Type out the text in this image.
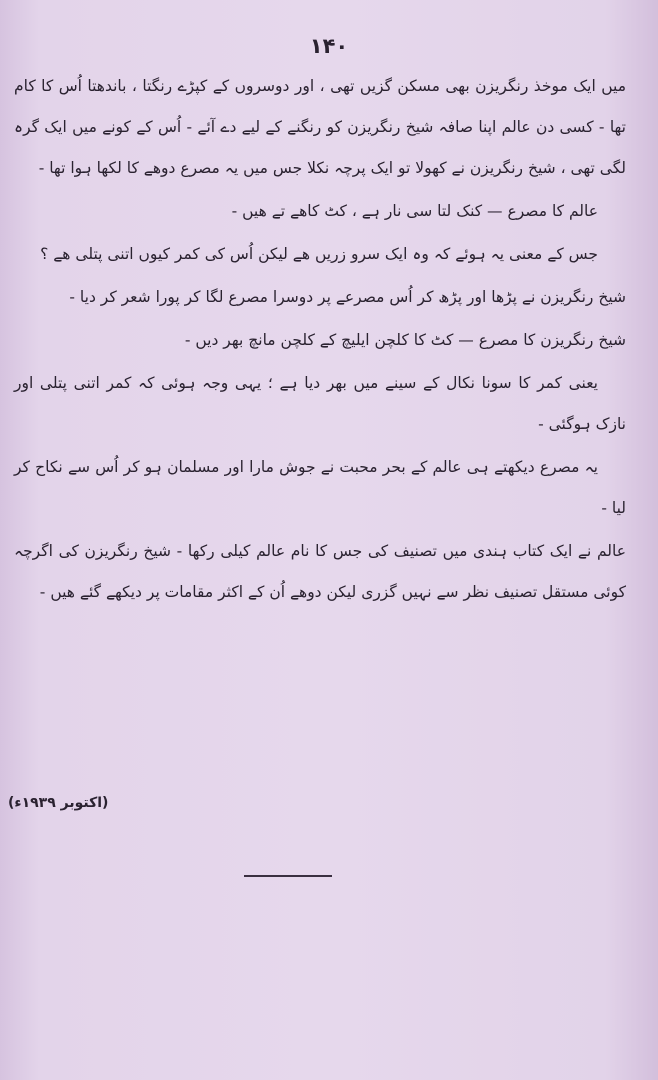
۱۴۰

میں ایک موخذ رنگریزن بھی مسکن گزیں تھی ، اور دوسروں کے کپڑے رنگتا ، باندھتا اُس کا کام تھا - کسی دن عالم اپنا صافہ شیخ رنگریزن کو رنگنے کے لیے دے آئے - اُس کے کونے میں ایک گرہ لگی تھی ، شیخ رنگریزن نے کھولا تو ایک پرچہ نکلا جس میں یہ مصرع دوھے کا لکھا ہوا تھا -

عالم کا مصرع — کنک لتا سی نار ہے ، کٹ کاھے تے ھیں -

جس کے معنی یہ ہوئے کہ وہ ایک سرو زریں ھے لیکن اُس کی کمر کیوں اتنی پتلی ھے ؟

شیخ رنگریزن نے پڑھا اور پڑھ کر اُس مصرعے پر دوسرا مصرع لگا کر پورا شعر کر دیا -

شیخ رنگریزن کا مصرع — کٹ کا کلچن ایلیچ کے کلچن مانچ بھر دیں -

یعنی کمر کا سونا نکال کے سینے میں بھر دیا ہے ؛ یہی وجہ ہوئی کہ کمر اتنی پتلی اور نازک ہوگئی -

یہ مصرع دیکھتے ہی عالم کے بحر محبت نے جوش مارا اور مسلمان ہو کر اُس سے نکاح کر لیا -

عالم نے ایک کتاب ہندی میں تصنیف کی جس کا نام عالم کیلی رکھا - شیخ رنگریزن کی اگرچہ کوئی مستقل تصنیف نظر سے نہیں گزری لیکن دوھے اُن کے اکثر مقامات پر دیکھے گئے ھیں -

(اکتوبر ۱۹۳۹ء)
